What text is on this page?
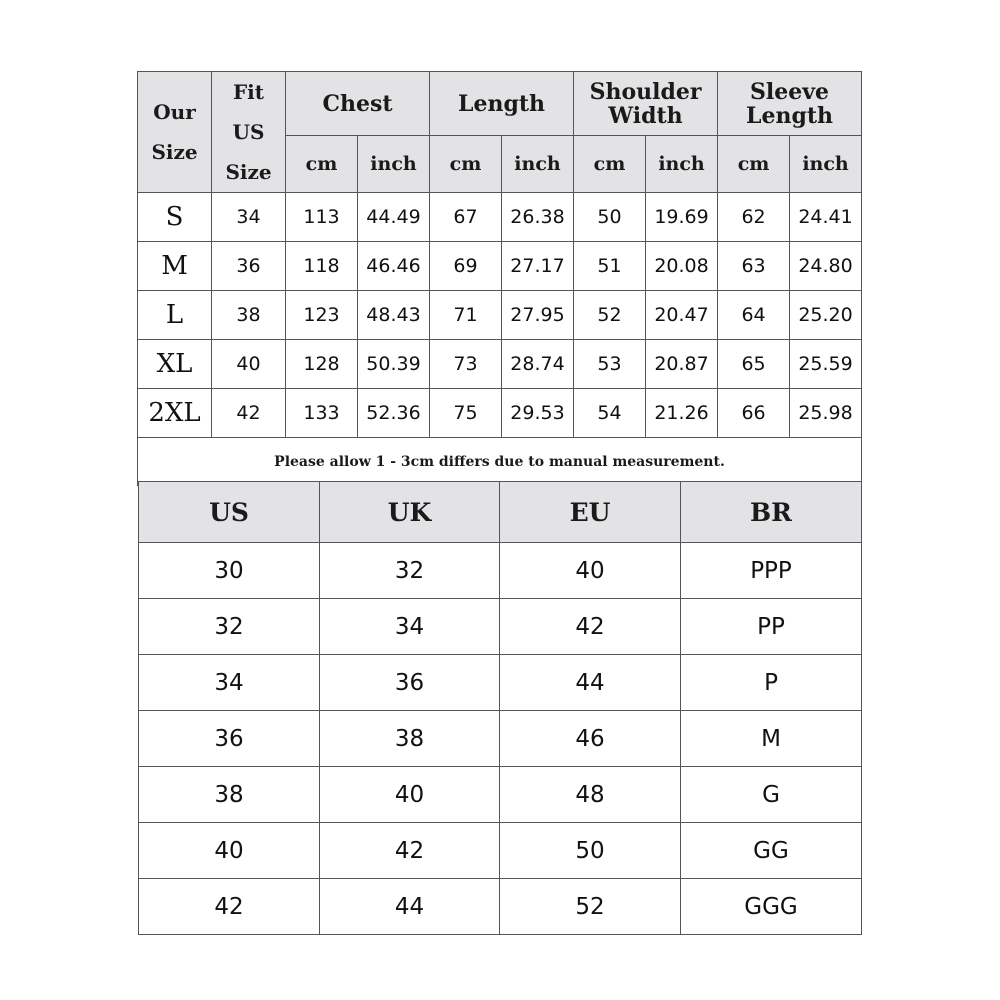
Our Size	Fit US Size	Chest		Length		Shoulder Width		Sleeve Length	
		cm	inch	cm	inch	cm	inch	cm	inch
S	34	113	44.49	67	26.38	50	19.69	62	24.41
M	36	118	46.46	69	27.17	51	20.08	63	24.80
L	38	123	48.43	71	27.95	52	20.47	64	25.20
XL	40	128	50.39	73	28.74	53	20.87	65	25.59
2XL	42	133	52.36	75	29.53	54	21.26	66	25.98
Please allow 1 - 3cm differs due to manual measurement.									
US	UK	EU	BR
30	32	40	PPP
32	34	42	PP
34	36	44	P
36	38	46	M
38	40	48	G
40	42	50	GG
42	44	52	GGG
